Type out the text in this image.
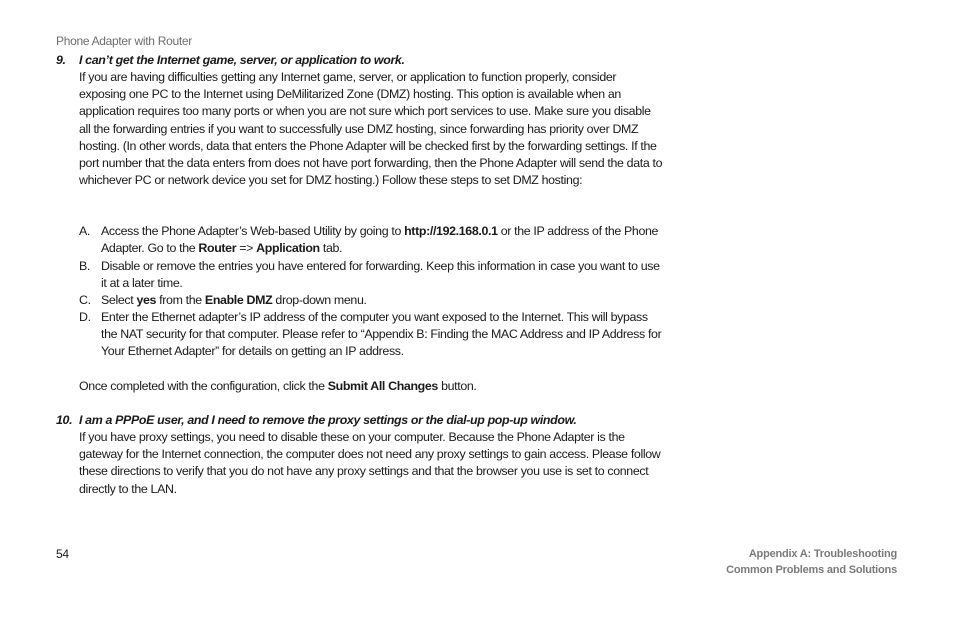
Phone Adapter with Router
9. I can’t get the Internet game, server, or application to work.

If you are having difficulties getting any Internet game, server, or application to function properly, consider exposing one PC to the Internet using DeMilitarized Zone (DMZ) hosting. This option is available when an application requires too many ports or when you are not sure which port services to use. Make sure you disable all the forwarding entries if you want to successfully use DMZ hosting, since forwarding has priority over DMZ hosting. (In other words, data that enters the Phone Adapter will be checked first by the forwarding settings. If the port number that the data enters from does not have port forwarding, then the Phone Adapter will send the data to whichever PC or network device you set for DMZ hosting.) Follow these steps to set DMZ hosting:

A. Access the Phone Adapter’s Web-based Utility by going to http://192.168.0.1 or the IP address of the Phone Adapter. Go to the Router => Application tab.
B. Disable or remove the entries you have entered for forwarding. Keep this information in case you want to use it at a later time.
C. Select yes from the Enable DMZ drop-down menu.
D. Enter the Ethernet adapter’s IP address of the computer you want exposed to the Internet. This will bypass the NAT security for that computer. Please refer to “Appendix B: Finding the MAC Address and IP Address for Your Ethernet Adapter” for details on getting an IP address.

Once completed with the configuration, click the Submit All Changes button.

10. I am a PPPoE user, and I need to remove the proxy settings or the dial-up pop-up window.

If you have proxy settings, you need to disable these on your computer. Because the Phone Adapter is the gateway for the Internet connection, the computer does not need any proxy settings to gain access. Please follow these directions to verify that you do not have any proxy settings and that the browser you use is set to connect directly to the LAN.

54	Appendix A: Troubleshooting
Common Problems and Solutions
